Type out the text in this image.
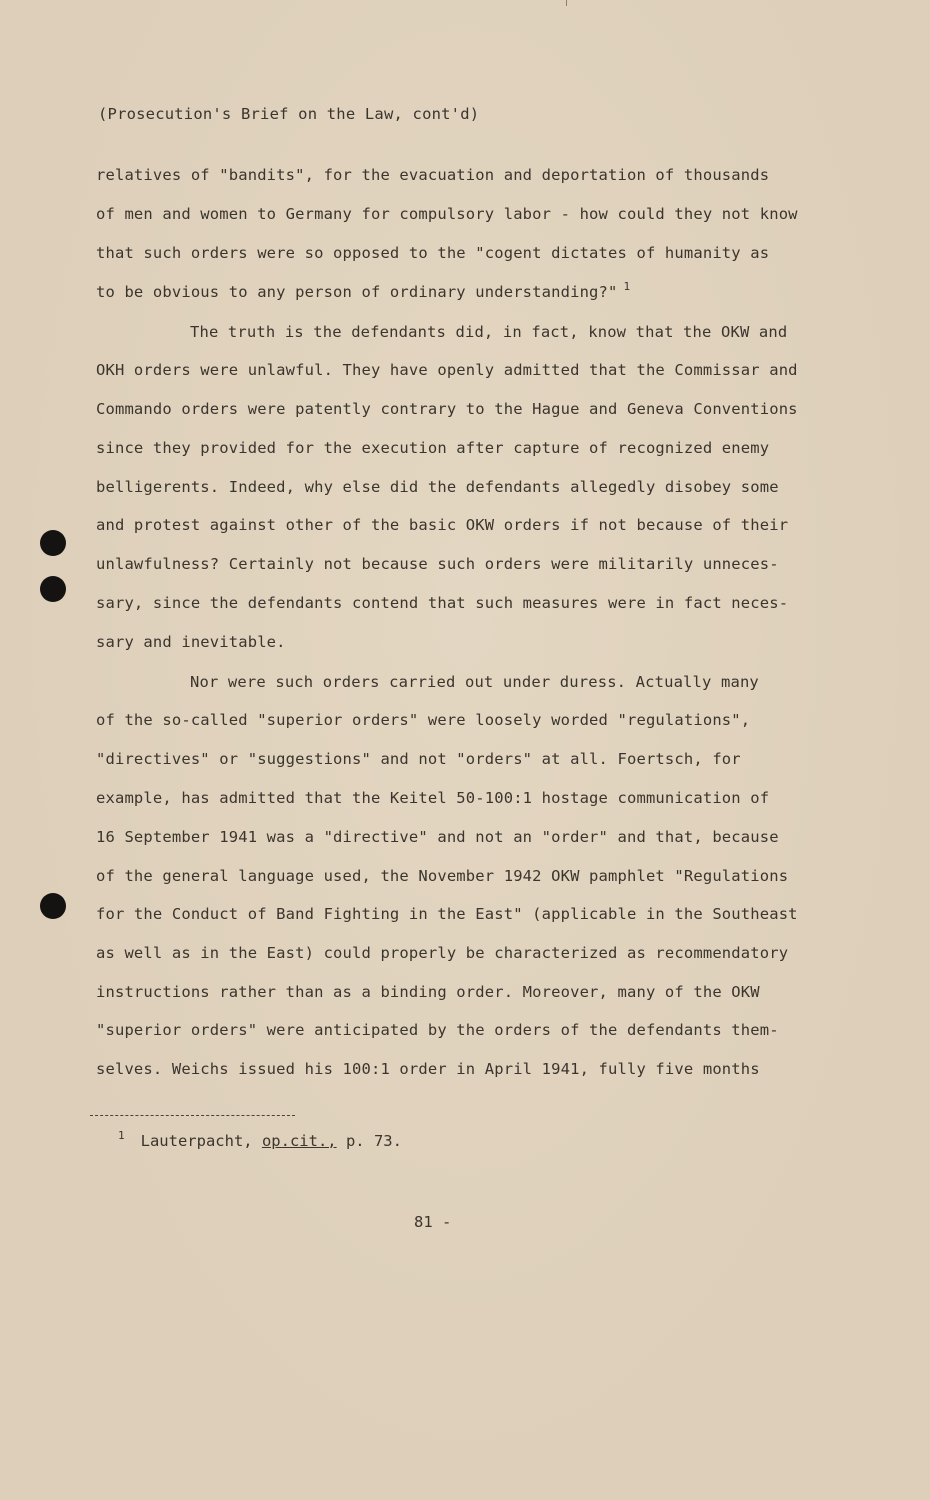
(Prosecution's Brief on the Law, cont'd)
relatives of "bandits", for the evacuation and deportation of thousands
of men and women to Germany for compulsory labor - how could they not know
that such orders were so opposed to the "cogent dictates of humanity as
to be obvious to any person of ordinary understanding?" $^1$
The truth is the defendants did, in fact, know that the OKW and
OKH orders were unlawful. They have openly admitted that the Commissar and
Commando orders were patently contrary to the Hague and Geneva Conventions
since they provided for the execution after capture of recognized enemy
belligerents. Indeed, why else did the defendants allegedly disobey some
and protest against other of the basic OKW orders if not because of their
unlawfulness? Certainly not because such orders were militarily unneces-
sary, since the defendants contend that such measures were in fact neces-
sary and inevitable.
Nor were such orders carried out under duress. Actually many
of the so-called "superior orders" were loosely worded "regulations",
"directives" or "suggestions" and not "orders" at all. Foertsch, for
example, has admitted that the Keitel 50-100:1 hostage communication of
16 September 1941 was a "directive" and not an "order" and that, because
of the general language used, the November 1942 OKW pamphlet "Regulations
for the Conduct of Band Fighting in the East" (applicable in the Southeast
as well as in the East) could properly be characterized as recommendatory
instructions rather than as a binding order. Moreover, many of the OKW
"superior orders" were anticipated by the orders of the defendants them-
selves. Weichs issued his 100:1 order in April 1941, fully five months
$^1$ Lauterpacht, op.cit., p. 73.
81 -
